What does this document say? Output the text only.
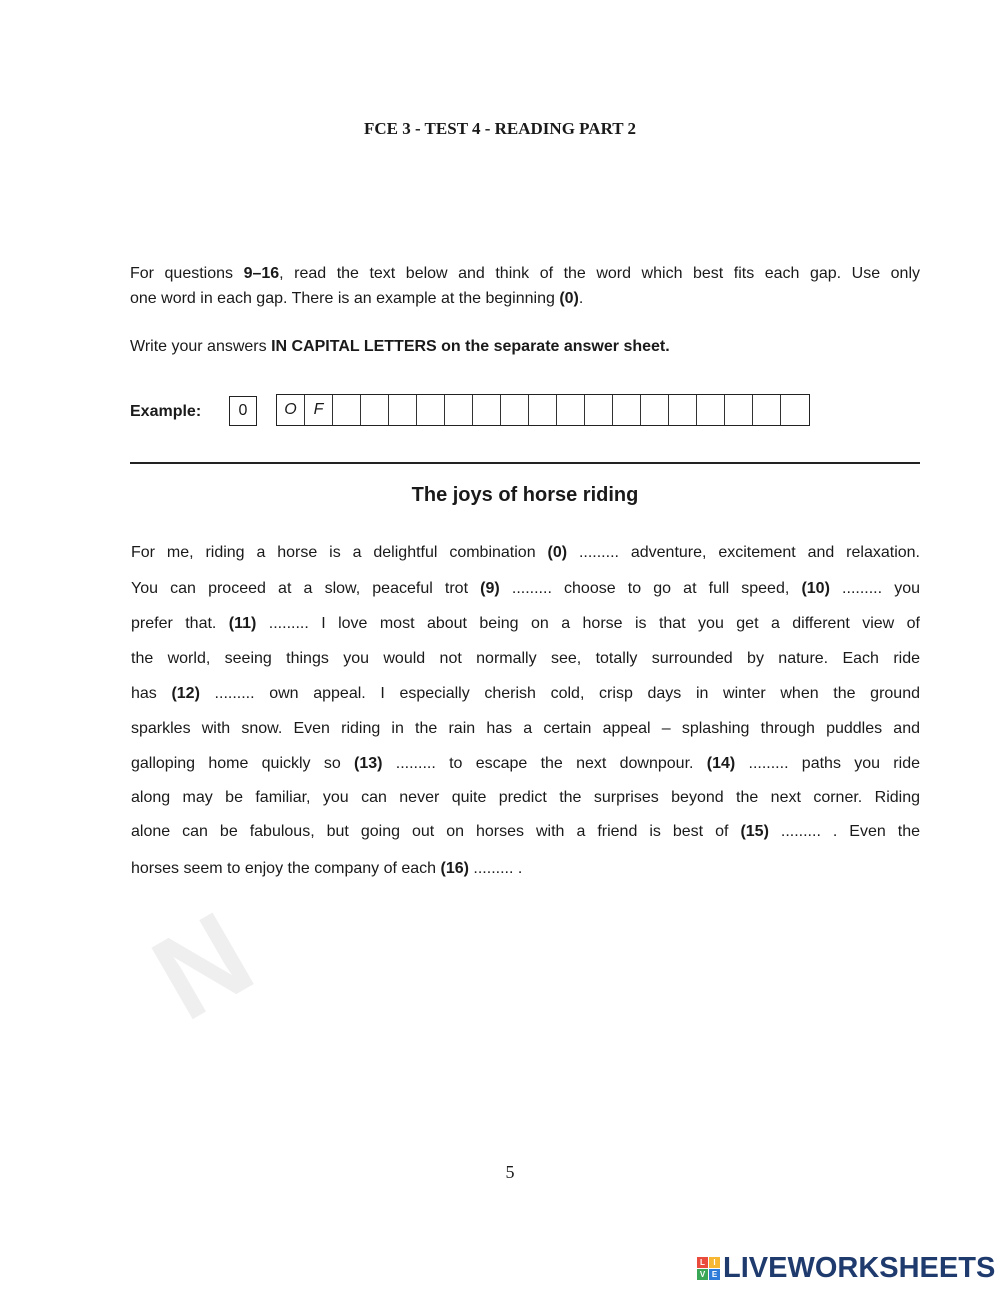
FCE 3 - TEST 4 - READING PART 2
For questions 9–16, read the text below and think of the word which best fits each gap. Use only
one word in each gap. There is an example at the beginning (0).
Write your answers IN CAPITAL LETTERS on the separate answer sheet.
Example:	0	O	F
The joys of horse riding
For me, riding a horse is a delightful combination (0) ......... adventure, excitement and relaxation.
You can proceed at a slow, peaceful trot (9) ......... choose to go at full speed, (10) ......... you
prefer that. (11) ......... I love most about being on a horse is that you get a different view of
the world, seeing things you would not normally see, totally surrounded by nature. Each ride
has (12) ......... own appeal. I especially cherish cold, crisp days in winter when the ground
sparkles with snow. Even riding in the rain has a certain appeal – splashing through puddles and
galloping home quickly so (13) ......... to escape the next downpour. (14) ......... paths you ride
along may be familiar, you can never quite predict the surprises beyond the next corner. Riding
alone can be fabulous, but going out on horses with a friend is best of (15) ......... . Even the
horses seem to enjoy the company of each (16) ......... .
N
5
L	I
V E LIVEWORKSHEETS
